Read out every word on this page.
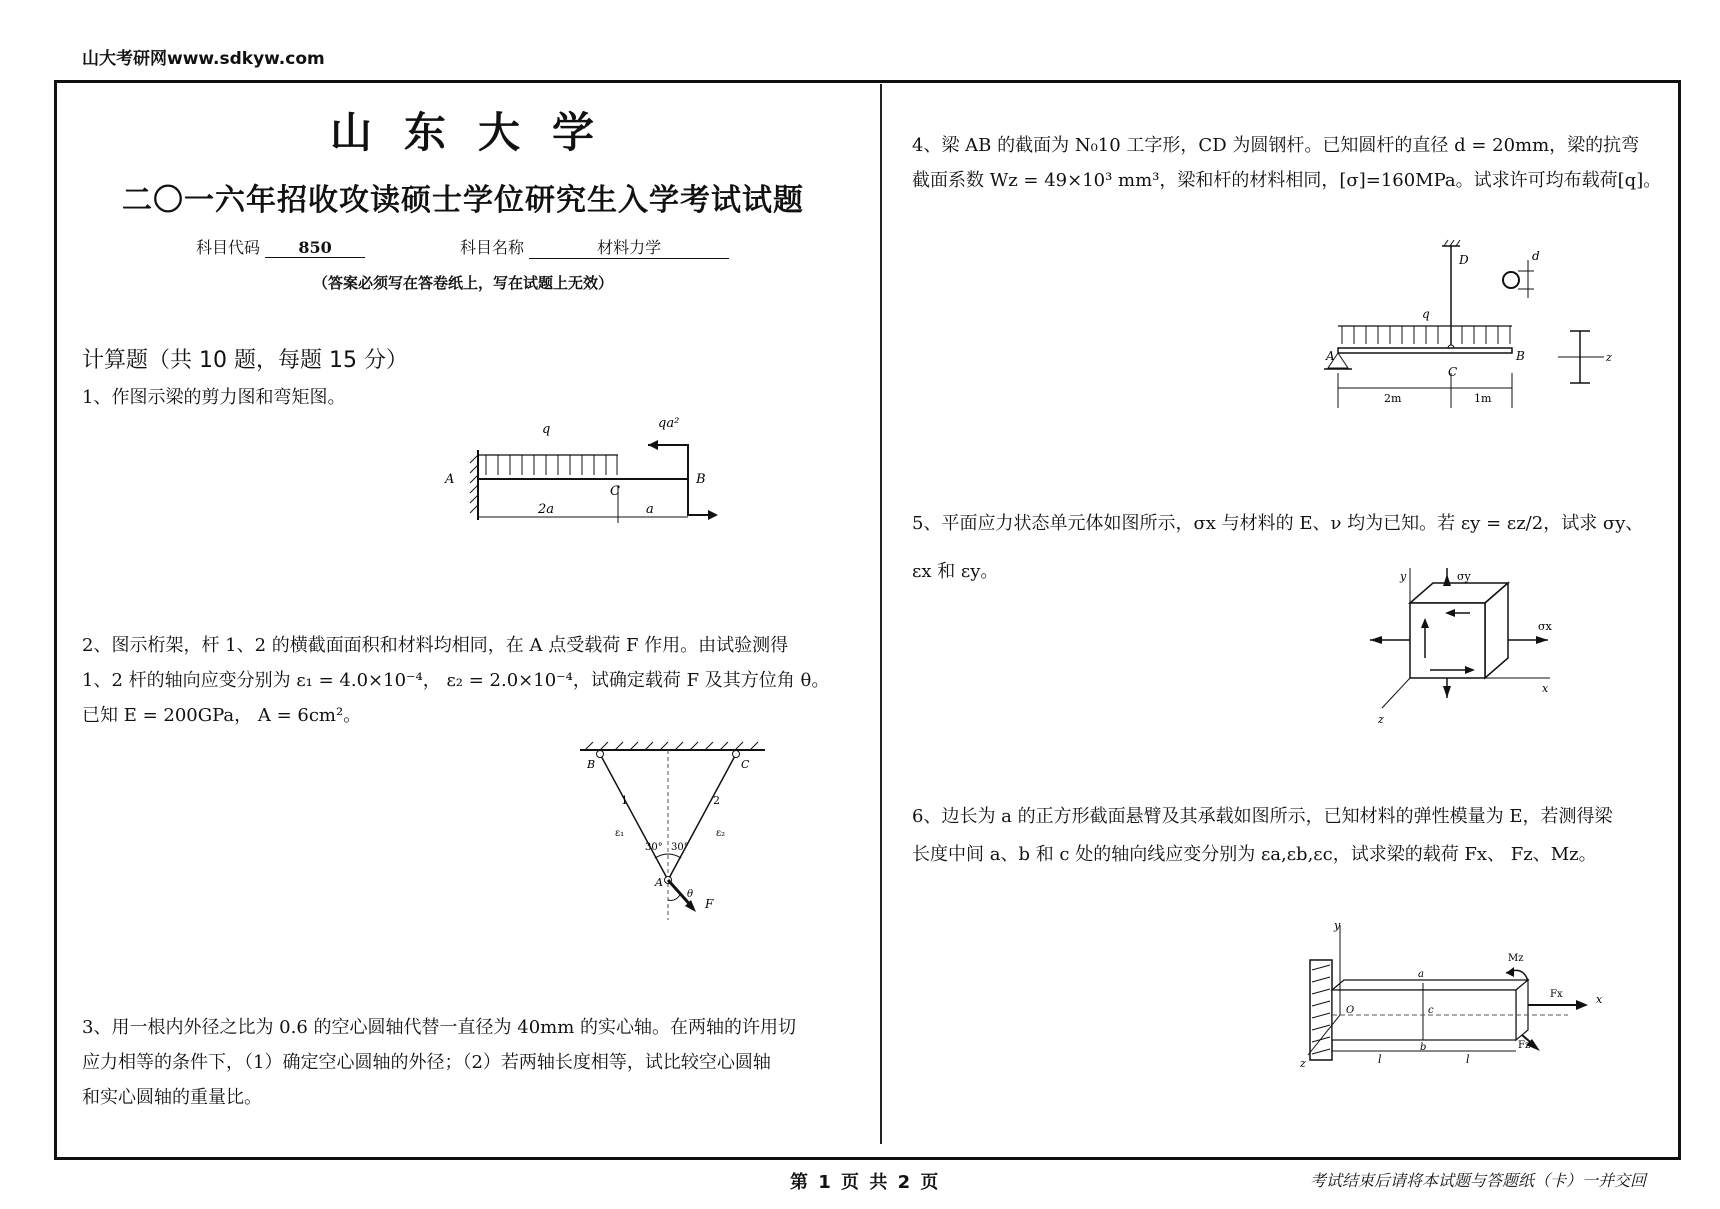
山大考研网www.sdkyw.com
山东大学
二〇一六年招收攻读硕士学位研究生入学考试试题
科目代码 850	科目名称	材料力学
（答案必须写在答卷纸上，写在试题上无效）
计算题（共 10 题，每题 15 分）
1、作图示梁的剪力图和弯矩图。
q	qa²
A	B
C
2a	a
2、图示桁架，杆 1、2 的横截面面积和材料均相同，在 A 点受载荷 F 作用。由试验测得
1、2 杆的轴向应变分别为 ε₁ = 4.0×10⁻⁴， ε₂ = 2.0×10⁻⁴，试确定载荷 F 及其方位角 θ。
已知 E = 200GPa， A = 6cm²。
B	C
A
1	2
ε₁	ε₂
30° 30°
θ
F
3、用一根内外径之比为 0.6 的空心圆轴代替一直径为 40mm 的实心轴。在两轴的许用切
应力相等的条件下，（1）确定空心圆轴的外径；（2）若两轴长度相等，试比较空心圆轴
和实心圆轴的重量比。
4、梁 AB 的截面为 N₀10 工字形，CD 为圆钢杆。已知圆杆的直径 d = 20mm，梁的抗弯
截面系数 Wz = 49×10³ mm³，梁和杆的材料相同，[σ]=160MPa。试求许可均布载荷[q]。
D	d
q
A
C
B
2m	1m
z
5、平面应力状态单元体如图所示，σx 与材料的 E、ν 均为已知。若 εy = εz/2，试求 σy、
εx 和 εy。	y	σy
σx
x
z
6、边长为 a 的正方形截面悬臂及其承载如图所示，已知材料的弹性模量为 E，若测得梁
长度中间 a、b 和 c 处的轴向线应变分别为 εa,εb,εc，试求梁的载荷 Fx、 Fz、Mz。
y
Mz
Fx	x
a
O	c
b	Fz
l	l
z
第 1 页 共 2 页	考试结束后请将本试题与答题纸（卡）一并交回
